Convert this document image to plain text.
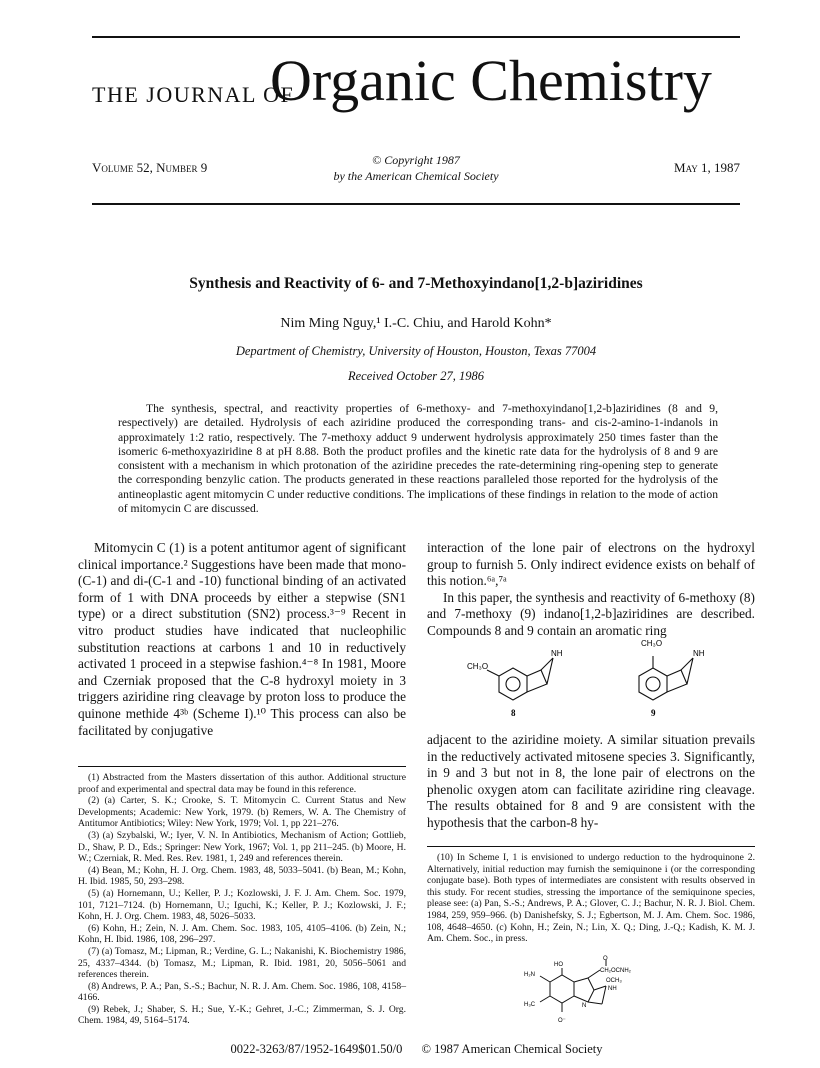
THE JOURNAL OF
Organic Chemistry
Volume 52, Number 9	© Copyright 1987
by the American Chemical Society
May 1, 1987
Synthesis and Reactivity of 6- and 7-Methoxyindano[1,2-b]aziridines
Nim Ming Nguy,¹ I.-C. Chiu, and Harold Kohn*
Department of Chemistry, University of Houston, Houston, Texas 77004
Received October 27, 1986
The synthesis, spectral, and reactivity properties of 6-methoxy- and 7-methoxyindano[1,2-b]aziridines (8 and 9, respectively) are detailed. Hydrolysis of each aziridine produced the corresponding trans- and cis-2-amino-1-indanols in approximately 1:2 ratio, respectively. The 7-methoxy adduct 9 underwent hydrolysis approximately 250 times faster than the isomeric 6-methoxyaziridine 8 at pH 8.88. Both the product profiles and the kinetic rate data for the hydrolysis of 8 and 9 are consistent with a mechanism in which protonation of the aziridine precedes the rate-determining ring-opening step to generate the corresponding benzylic cation. The products generated in these reactions paralleled those reported for the hydrolysis of the antineoplastic agent mitomycin C under reductive conditions. The implications of these findings in relation to the mode of action of mitomycin C are discussed.

Mitomycin C (1) is a potent antitumor agent of significant clinical importance.² Suggestions have been made that mono-(C-1) and di-(C-1 and -10) functional binding of an activated form of 1 with DNA proceeds by either a stepwise (SN1 type) or a direct substitution (SN2) process.³⁻⁹ Recent in vitro product studies have indicated that nucleophilic substitution reactions at carbons 1 and 10 in reductively activated 1 proceed in a stepwise fashion.⁴⁻⁸ In 1981, Moore and Czerniak proposed that the C-8 hydroxyl moiety in 3 triggers aziridine ring cleavage by proton loss to produce the quinone methide 4³ᵇ (Scheme I).¹⁰ This process can also be facilitated by conjugative

interaction of the lone pair of electrons on the hydroxyl group to furnish 5. Only indirect evidence exists on behalf of this notion.⁶ᵃ,⁷ᵃ

In this paper, the synthesis and reactivity of 6-methoxy (8) and 7-methoxy (9) indano[1,2-b]aziridines are described. Compounds 8 and 9 contain an aromatic ring

CH₃O
NH
8
CH₃O
NH
9

adjacent to the aziridine moiety. A similar situation prevails in the reductively activated mitosene species 3. Significantly, in 9 and 3 but not in 8, the lone pair of electrons on the phenolic oxygen atom can facilitate aziridine ring cleavage. The results obtained for 8 and 9 are consistent with the hypothesis that the carbon-8 hy-

(1) Abstracted from the Masters dissertation of this author. Additional structure proof and experimental and spectral data may be found in this reference.

(2) (a) Carter, S. K.; Crooke, S. T. Mitomycin C. Current Status and New Developments; Academic: New York, 1979. (b) Remers, W. A. The Chemistry of Antitumor Antibiotics; Wiley: New York, 1979; Vol. 1, pp 221–276.

(3) (a) Szybalski, W.; Iyer, V. N. In Antibiotics, Mechanism of Action; Gottlieb, D., Shaw, P. D., Eds.; Springer: New York, 1967; Vol. 1, pp 211–245. (b) Moore, H. W.; Czerniak, R. Med. Res. Rev. 1981, 1, 249 and references therein.

(4) Bean, M.; Kohn, H. J. Org. Chem. 1983, 48, 5033–5041. (b) Bean, M.; Kohn, H. Ibid. 1985, 50, 293–298.

(5) (a) Hornemann, U.; Keller, P. J.; Kozlowski, J. F. J. Am. Chem. Soc. 1979, 101, 7121–7124. (b) Hornemann, U.; Iguchi, K.; Keller, P. J.; Kozlowski, J. F.; Kohn, H. J. Org. Chem. 1983, 48, 5026–5033.

(6) Kohn, H.; Zein, N. J. Am. Chem. Soc. 1983, 105, 4105–4106. (b) Zein, N.; Kohn, H. Ibid. 1986, 108, 296–297.

(7) (a) Tomasz, M.; Lipman, R.; Verdine, G. L.; Nakanishi, K. Biochemistry 1986, 25, 4337–4344. (b) Tomasz, M.; Lipman, R. Ibid. 1981, 20, 5056–5061 and references therein.

(8) Andrews, P. A.; Pan, S.-S.; Bachur, N. R. J. Am. Chem. Soc. 1986, 108, 4158–4166.

(9) Rebek, J.; Shaber, S. H.; Sue, Y.-K.; Gehret, J.-C.; Zimmerman, S. J. Org. Chem. 1984, 49, 5164–5174.

(10) In Scheme I, 1 is envisioned to undergo reduction to the hydroquinone 2. Alternatively, initial reduction may furnish the semiquinone i (or the corresponding conjugate base). Both types of intermediates are consistent with results observed in this study. For recent studies, stressing the importance of the semiquinone species, please see: (a) Pan, S.-S.; Andrews, P. A.; Glover, C. J.; Bachur, N. R. J. Biol. Chem. 1984, 259, 959–966. (b) Danishefsky, S. J.; Egbertson, M. J. Am. Chem. Soc. 1986, 108, 4648–4650. (c) Kohn, H.; Zein, N.; Lin, X. Q.; Ding, J.-Q.; Kadish, K. M. J. Am. Chem. Soc., in press.

HO
O
CH₂OCNH₂
OCH₃
H₂N
H₃C
NH
N
O⁻
0022-3263/87/1952-1649$01.50/0 © 1987 American Chemical Society
